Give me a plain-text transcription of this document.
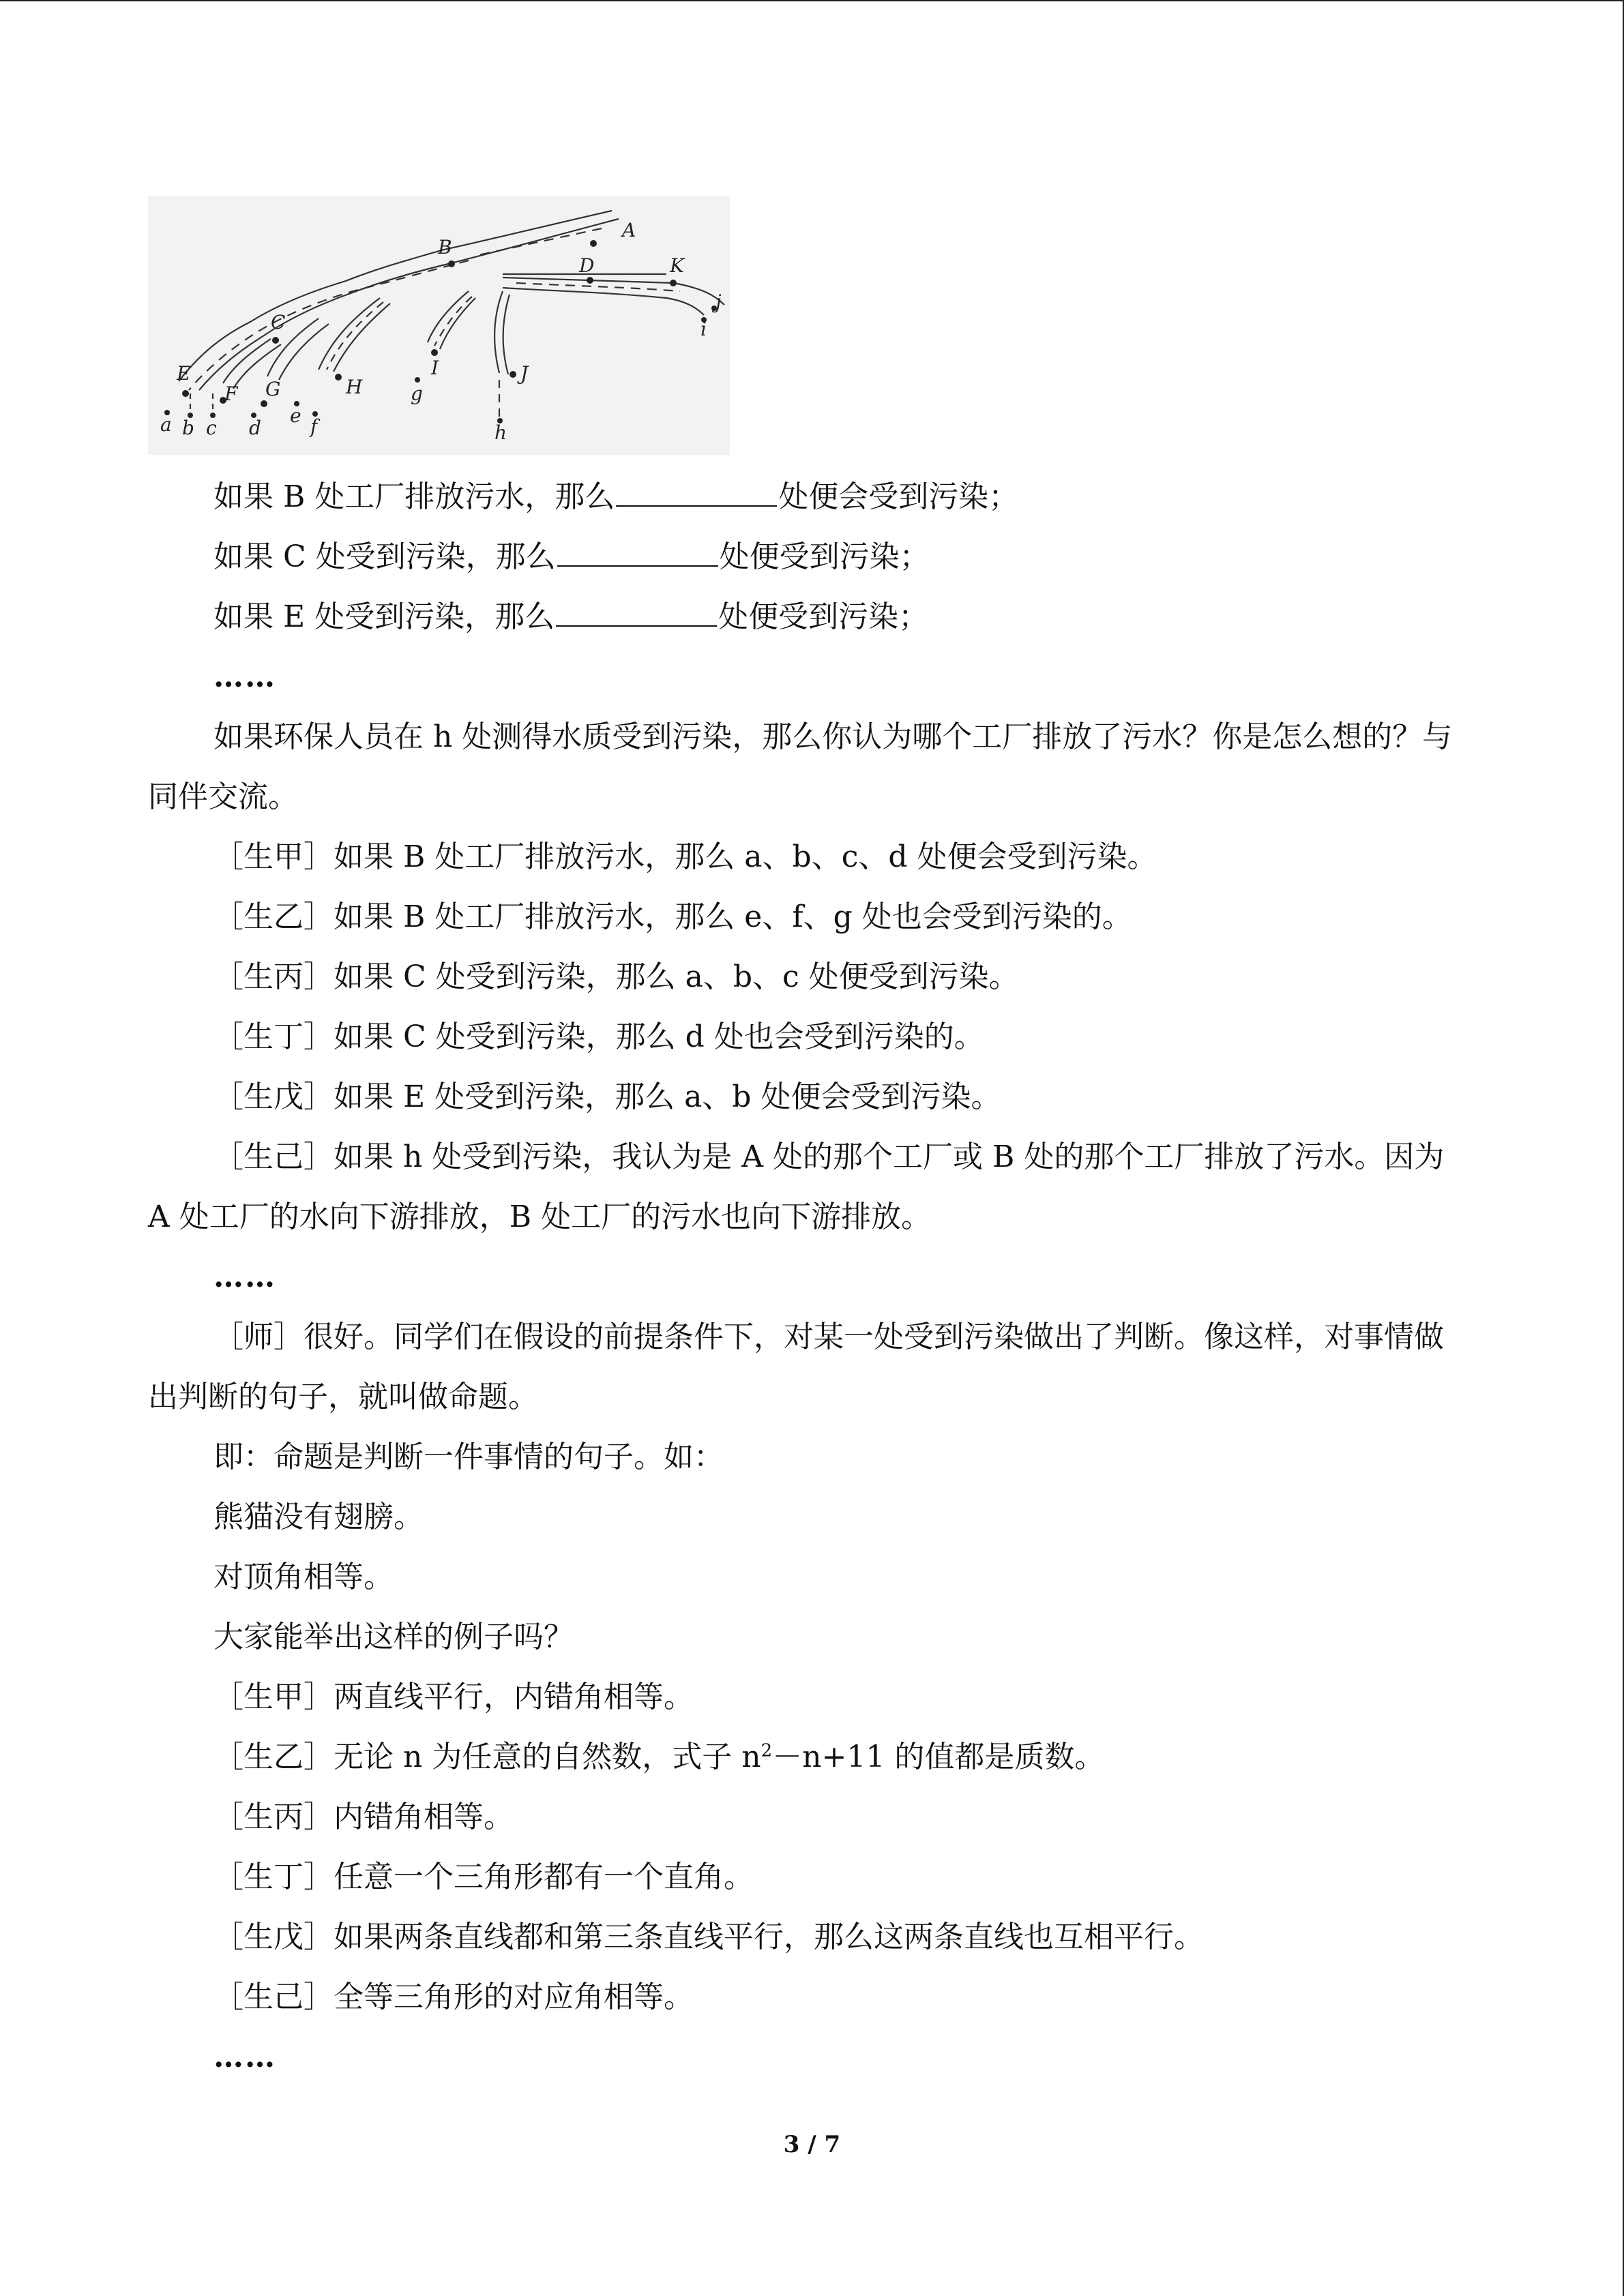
A
B
C
D	K
E
F G	H
I	J
j
i
a b c d
e f
g
h

如果 B 处工厂排放污水，那么	处便会受到污染；

如果 C 处受到污染，那么	处便受到污染；

如果 E 处受到污染，那么	处便受到污染；

……

如果环保人员在 h 处测得水质受到污染，那么你认为哪个工厂排放了污水？你是怎么想的？与同伴交流。

［生甲］如果 B 处工厂排放污水，那么 a、b、c、d 处便会受到污染。

［生乙］如果 B 处工厂排放污水，那么 e、f、g 处也会受到污染的。

［生丙］如果 C 处受到污染，那么 a、b、c 处便受到污染。

［生丁］如果 C 处受到污染，那么 d 处也会受到污染的。

［生戊］如果 E 处受到污染，那么 a、b 处便会受到污染。

［生己］如果 h 处受到污染，我认为是 A 处的那个工厂或 B 处的那个工厂排放了污水。因为 A 处工厂的水向下游排放，B 处工厂的污水也向下游排放。

……

［师］很好。同学们在假设的前提条件下，对某一处受到污染做出了判断。像这样，对事情做出判断的句子，就叫做命题。

即：命题是判断一件事情的句子。如：

熊猫没有翅膀。

对顶角相等。

大家能举出这样的例子吗？

［生甲］两直线平行，内错角相等。

［生乙］无论 n 为任意的自然数，式子 $n^2-n+11$ 的值都是质数。

［生丙］内错角相等。

［生丁］任意一个三角形都有一个直角。

［生戊］如果两条直线都和第三条直线平行，那么这两条直线也互相平行。

［生己］全等三角形的对应角相等。

……

3 / 7
